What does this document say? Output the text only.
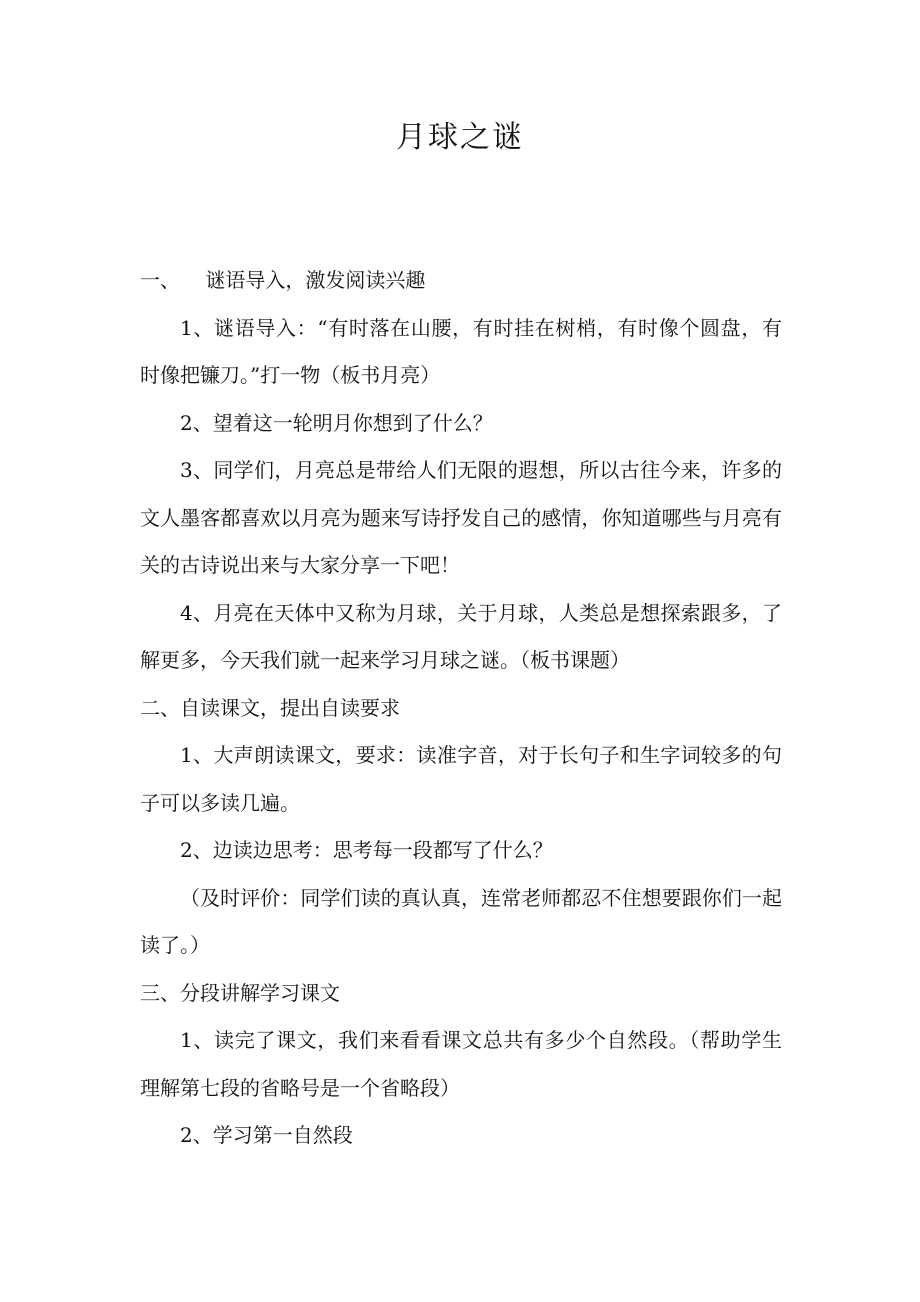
月球之谜

一、    谜语导入，激发阅读兴趣

1、谜语导入：“有时落在山腰，有时挂在树梢，有时像个圆盘，有时像把镰刀。”打一物（板书月亮）

2、望着这一轮明月你想到了什么？

3、同学们，月亮总是带给人们无限的遐想，所以古往今来，许多的文人墨客都喜欢以月亮为题来写诗抒发自己的感情，你知道哪些与月亮有关的古诗说出来与大家分享一下吧！

4、月亮在天体中又称为月球，关于月球，人类总是想探索跟多，了解更多，今天我们就一起来学习月球之谜。（板书课题）

二、自读课文，提出自读要求

1、大声朗读课文，要求：读准字音，对于长句子和生字词较多的句子可以多读几遍。

2、边读边思考：思考每一段都写了什么？

（及时评价：同学们读的真认真，连常老师都忍不住想要跟你们一起读了。）

三、分段讲解学习课文

1、读完了课文，我们来看看课文总共有多少个自然段。（帮助学生理解第七段的省略号是一个省略段）

2、学习第一自然段
